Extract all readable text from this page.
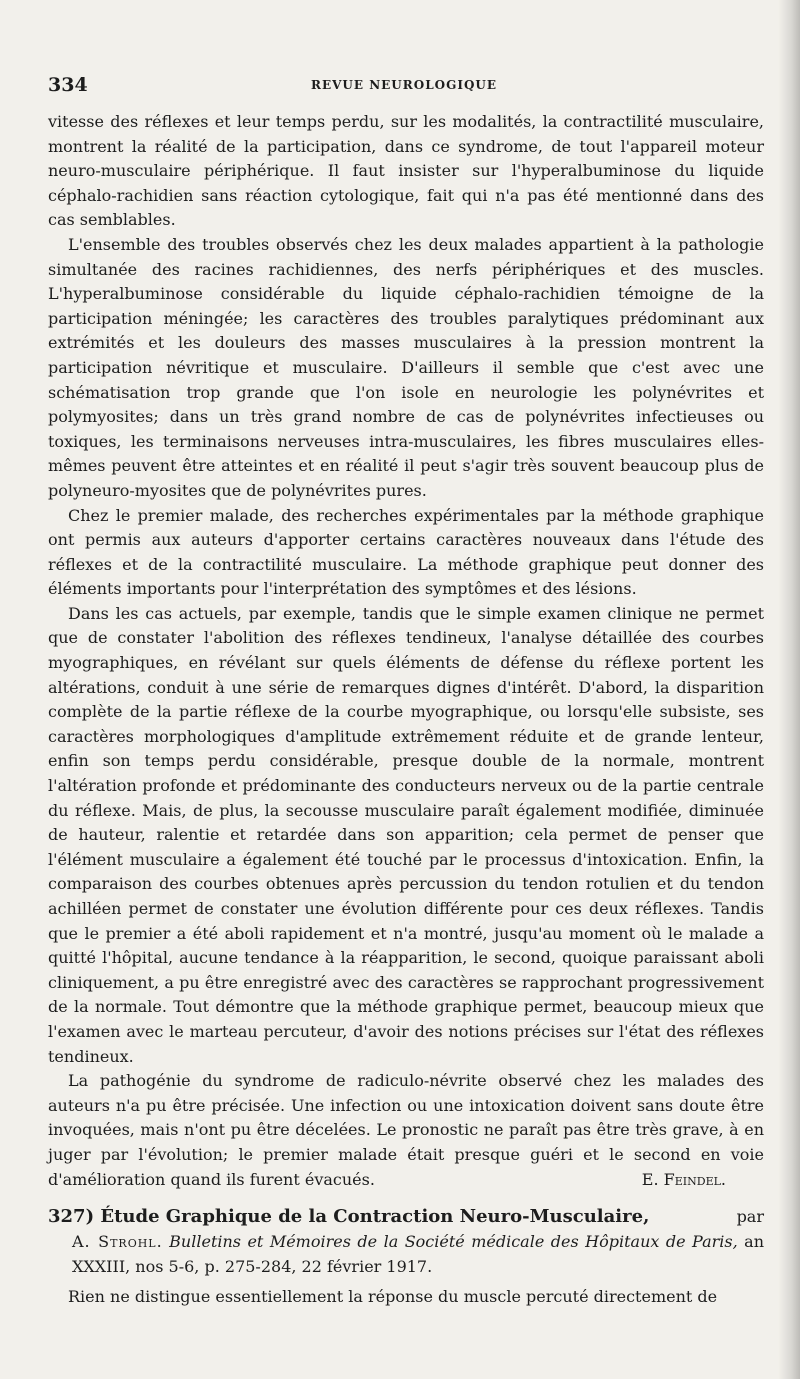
334	REVUE NEUROLOGIQUE

vitesse des réflexes et leur temps perdu, sur les modalités, la contractilité musculaire, montrent la réalité de la participation, dans ce syndrome, de tout l'appareil moteur neuro-musculaire périphérique. Il faut insister sur l'hyperalbuminose du liquide céphalo-rachidien sans réaction cytologique, fait qui n'a pas été mentionné dans des cas semblables.

L'ensemble des troubles observés chez les deux malades appartient à la pathologie simultanée des racines rachidiennes, des nerfs périphériques et des muscles. L'hyperalbuminose considérable du liquide céphalo-rachidien témoigne de la participation méningée; les caractères des troubles paralytiques prédominant aux extrémités et les douleurs des masses musculaires à la pression montrent la participation névritique et musculaire. D'ailleurs il semble que c'est avec une schématisation trop grande que l'on isole en neurologie les polynévrites et polymyosites; dans un très grand nombre de cas de polynévrites infectieuses ou toxiques, les terminaisons nerveuses intra-musculaires, les fibres musculaires elles-mêmes peuvent être atteintes et en réalité il peut s'agir très souvent beaucoup plus de polyneuro-myosites que de polynévrites pures.

Chez le premier malade, des recherches expérimentales par la méthode graphique ont permis aux auteurs d'apporter certains caractères nouveaux dans l'étude des réflexes et de la contractilité musculaire. La méthode graphique peut donner des éléments importants pour l'interprétation des symptômes et des lésions.

Dans les cas actuels, par exemple, tandis que le simple examen clinique ne permet que de constater l'abolition des réflexes tendineux, l'analyse détaillée des courbes myographiques, en révélant sur quels éléments de défense du réflexe portent les altérations, conduit à une série de remarques dignes d'intérêt. D'abord, la disparition complète de la partie réflexe de la courbe myographique, ou lorsqu'elle subsiste, ses caractères morphologiques d'amplitude extrêmement réduite et de grande lenteur, enfin son temps perdu considérable, presque double de la normale, montrent l'altération profonde et prédominante des conducteurs nerveux ou de la partie centrale du réflexe. Mais, de plus, la secousse musculaire paraît également modifiée, diminuée de hauteur, ralentie et retardée dans son apparition; cela permet de penser que l'élément musculaire a également été touché par le processus d'intoxication. Enfin, la comparaison des courbes obtenues après percussion du tendon rotulien et du tendon achilléen permet de constater une évolution différente pour ces deux réflexes. Tandis que le premier a été aboli rapidement et n'a montré, jusqu'au moment où le malade a quitté l'hôpital, aucune tendance à la réapparition, le second, quoique paraissant aboli cliniquement, a pu être enregistré avec des caractères se rapprochant progressivement de la normale. Tout démontre que la méthode graphique permet, beaucoup mieux que l'examen avec le marteau percuteur, d'avoir des notions précises sur l'état des réflexes tendineux.

La pathogénie du syndrome de radiculo-névrite observé chez les malades des auteurs n'a pu être précisée. Une infection ou une intoxication doivent sans doute être invoquées, mais n'ont pu être décelées. Le pronostic ne paraît pas être très grave, à en juger par l'évolution; le premier malade était presque guéri et le second en voie d'amélioration quand ils furent évacués.	E. Feindel.

327) Étude Graphique de la Contraction Neuro-Musculaire,	par

A. Strohl. Bulletins et Mémoires de la Société médicale des Hôpitaux de Paris, an XXXIII, nos 5-6, p. 275-284, 22 février 1917.

Rien ne distingue essentiellement la réponse du muscle percuté directement de
